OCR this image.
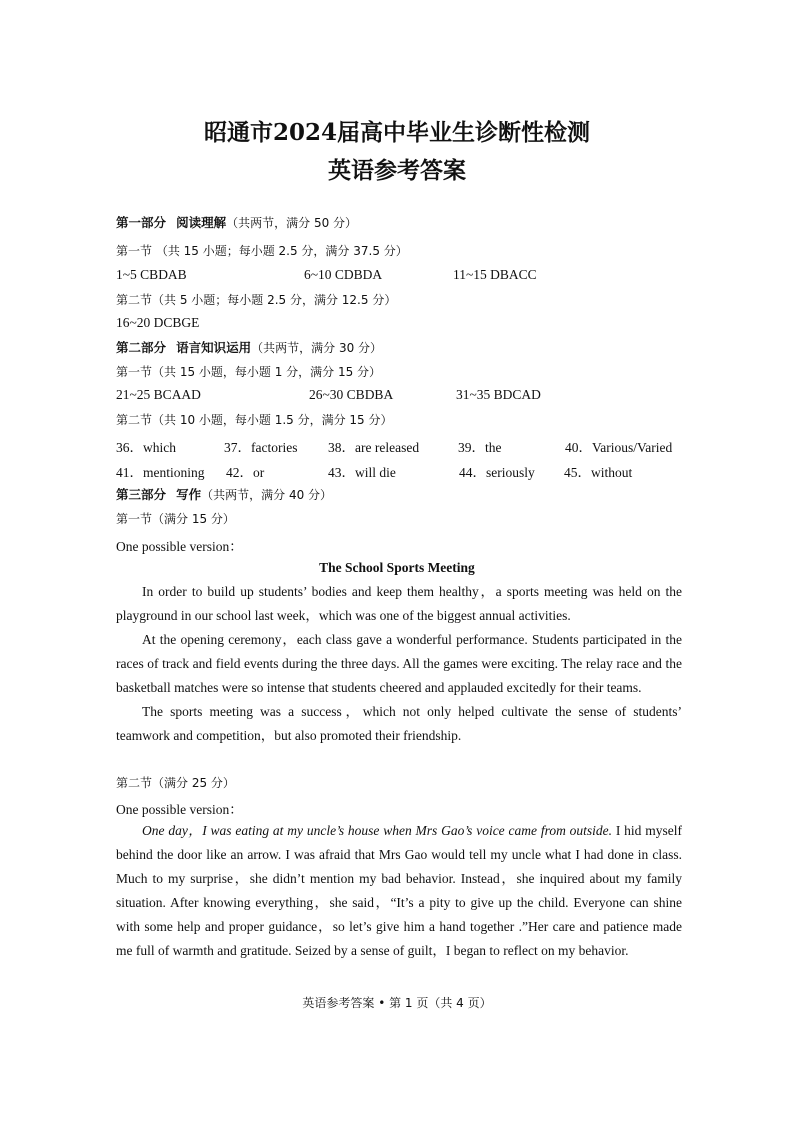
昭通市2024届高中毕业生诊断性检测
英语参考答案
第一部分 阅读理解（共两节，满分 50 分）
第一节 （共 15 小题；每小题 2.5 分，满分 37.5 分）
1~5 CBDAB	6~10 CDBDA	11~15 DBACC
第二节（共 5 小题；每小题 2.5 分，满分 12.5 分）
16~20 DCBGE
第二部分 语言知识运用（共两节，满分 30 分）
第一节（共 15 小题，每小题 1 分，满分 15 分）
21~25 BCAAD	26~30 CBDBA	31~35 BDCAD
第二节（共 10 小题，每小题 1.5 分，满分 15 分）
36．which	37．factories 38．are released	39．the	40．Various/Varied
41．mentioning 42．or	43．will die	44．seriously 45．without
第三部分 写作（共两节，满分 40 分）
第一节（满分 15 分）
One possible version：
The School Sports Meeting

In order to build up students’ bodies and keep them healthy，a sports meeting was held on the playground in our school last week，which was one of the biggest annual activities.

At the opening ceremony，each class gave a wonderful performance. Students participated in the races of track and field events during the three days. All the games were exciting. The relay race and the basketball matches were so intense that students cheered and applauded excitedly for their teams.

The sports meeting was a success，which not only helped cultivate the sense of students’ teamwork and competition，but also promoted their friendship.

第二节（满分 25 分）
One possible version：

One day，I was eating at my uncle’s house when Mrs Gao’s voice came from outside. I hid myself behind the door like an arrow. I was afraid that Mrs Gao would tell my uncle what I had done in class. Much to my surprise，she didn’t mention my bad behavior. Instead，she inquired about my family situation. After knowing everything，she said，“It’s a pity to give up the child. Everyone can shine with some help and proper guidance，so let’s give him a hand together .”Her care and patience made me full of warmth and gratitude. Seized by a sense of guilt，I began to reflect on my behavior.

英语参考答案 • 第 1 页（共 4 页）
